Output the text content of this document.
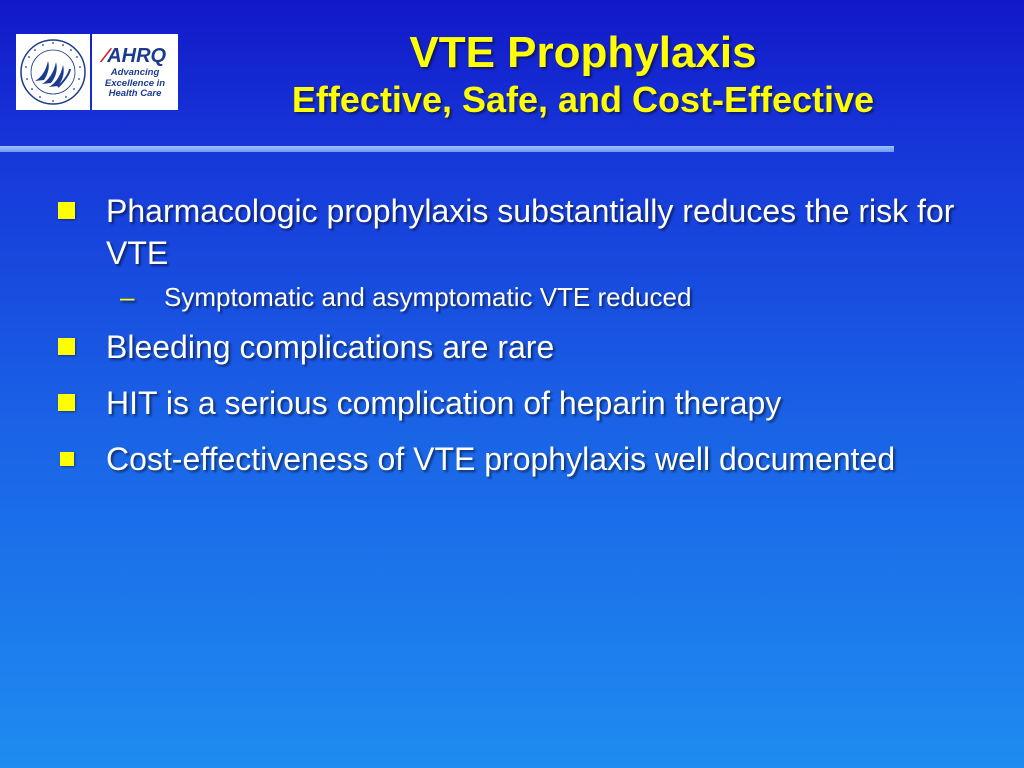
∕AHRQ
Advancing
Excellence in
Health Care
VTE Prophylaxis
Effective, Safe, and Cost-Effective
Pharmacologic prophylaxis substantially reduces the risk for VTE
– Symptomatic and asymptomatic VTE reduced
Bleeding complications are rare
HIT is a serious complication of heparin therapy
Cost-effectiveness of VTE prophylaxis well documented
